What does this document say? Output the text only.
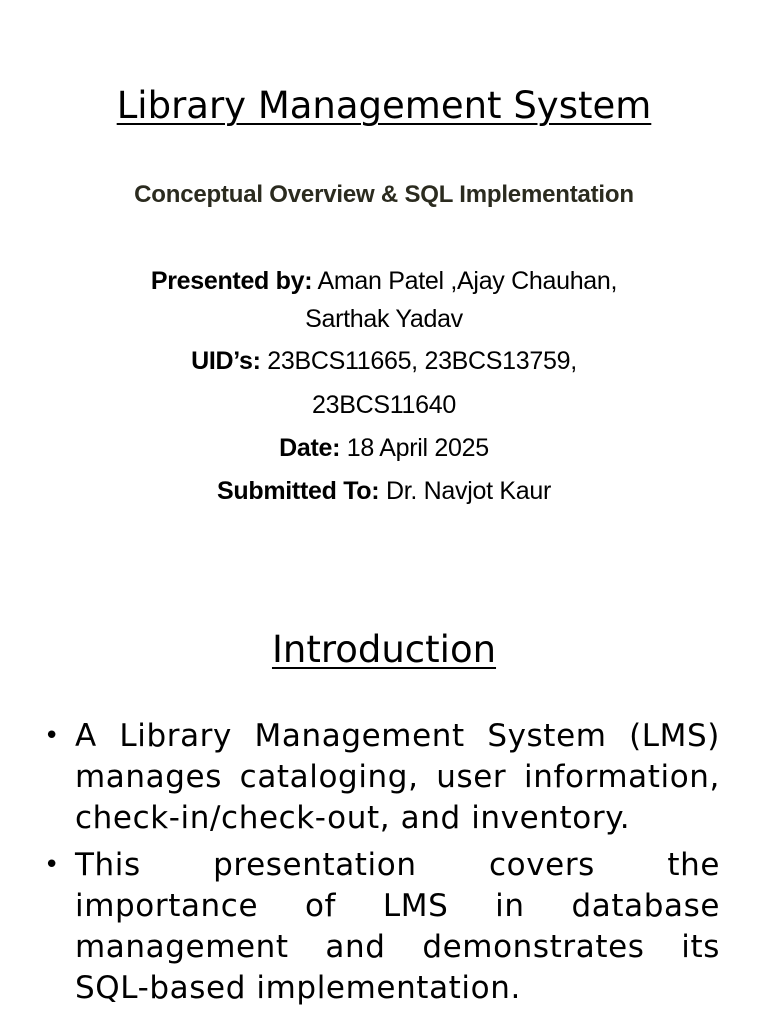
Library Management System
Conceptual Overview & SQL Implementation
Presented by: Aman Patel ,Ajay Chauhan,
Sarthak Yadav
UID’s: 23BCS11665, 23BCS13759,
23BCS11640
Date: 18 April 2025
Submitted To: Dr. Navjot Kaur
Introduction
• A Library Management System (LMS) manages cataloging, user information, check-in/check-out, and inventory.
• This presentation covers the importance of LMS in database management and demonstrates its SQL-based implementation.
